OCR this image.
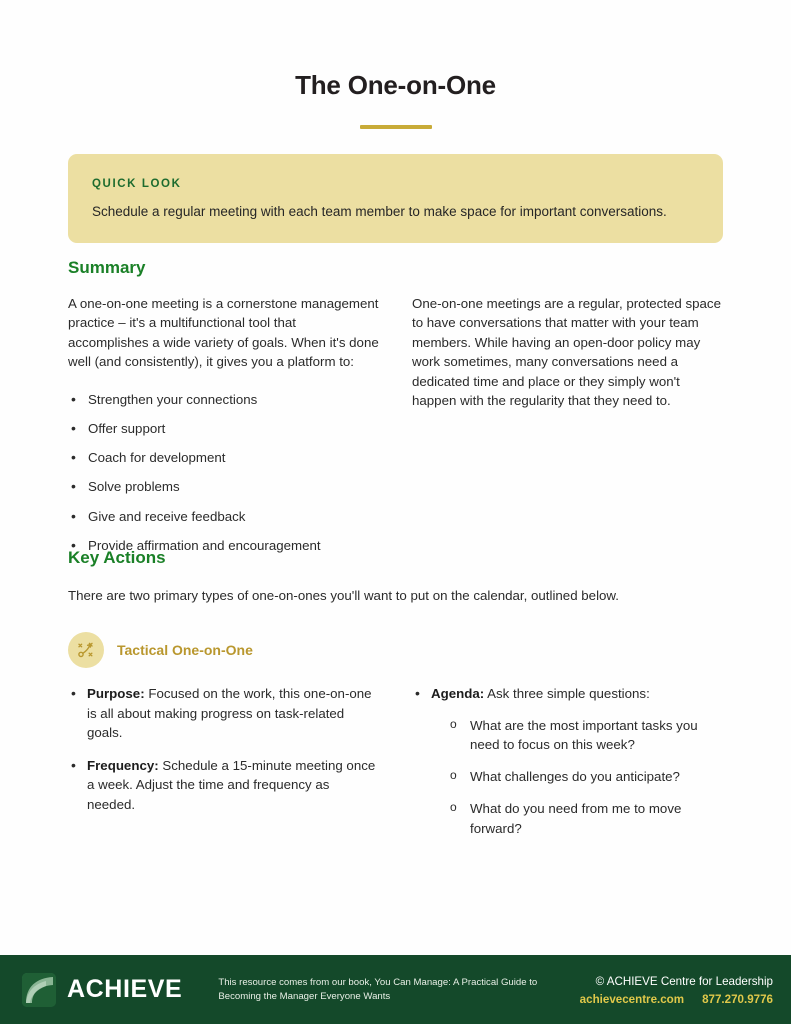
The One-on-One
QUICK LOOK
Schedule a regular meeting with each team member to make space for important conversations.
Summary

A one-on-one meeting is a cornerstone management practice – it's a multifunctional tool that accomplishes a wide variety of goals. When it's done well (and consistently), it gives you a platform to:

• Strengthen your connections
• Offer support
• Coach for development
• Solve problems
• Give and receive feedback
• Provide affirmation and encouragement

One-on-one meetings are a regular, protected space to have conversations that matter with your team members. While having an open-door policy may work sometimes, many conversations need a dedicated time and place or they simply won't happen with the regularity that they need to.

Key Actions

There are two primary types of one-on-ones you'll want to put on the calendar, outlined below.

Tactical One-on-One
• Purpose: Focused on the work, this one-on-one is all about making progress on task-related goals.
• Frequency: Schedule a 15-minute meeting once a week. Adjust the time and frequency as needed.
• Agenda: Ask three simple questions:
o What are the most important tasks you need to focus on this week?
o What challenges do you anticipate?
o What do you need from me to move forward?
ACHIEVE	This resource comes from our book, You Can Manage: A Practical Guide to Becoming the Manager Everyone Wants
© ACHIEVE Centre for Leadership
achievecentre.com 877.270.9776
